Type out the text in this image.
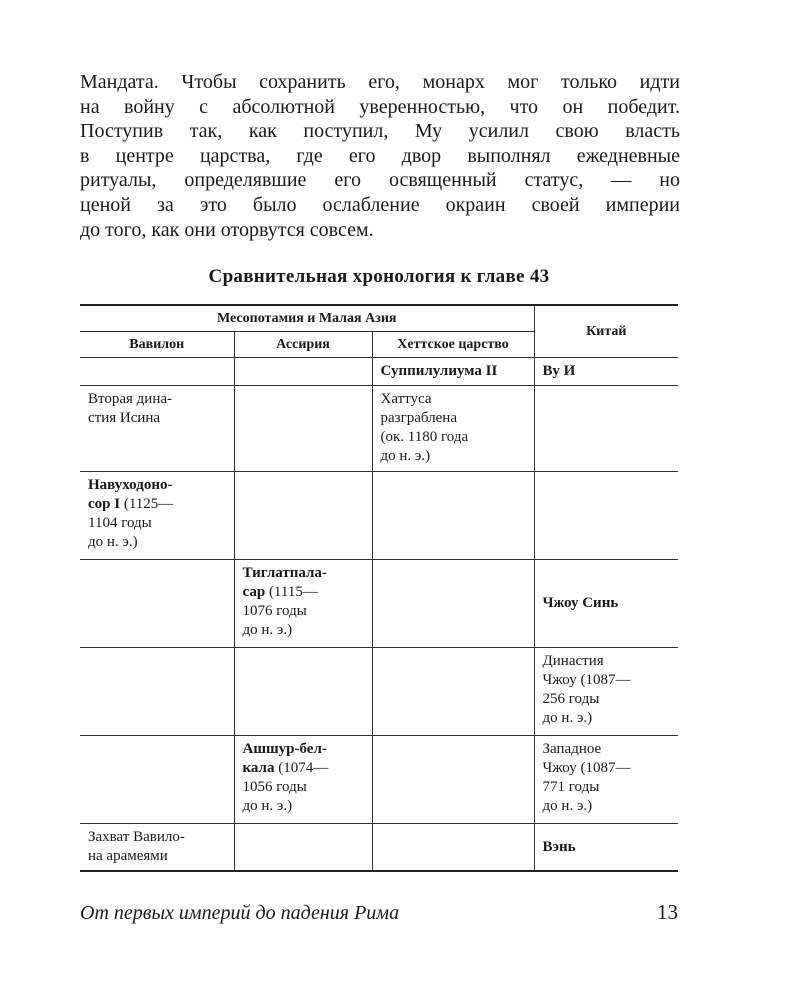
Мандата. Чтобы сохранить его, монарх мог только идти
на войну с абсолютной уверенностью, что он победит.
Поступив так, как поступил, Му усилил свою власть
в центре царства, где его двор выполнял ежедневные
ритуалы, определявшие его освященный статус, — но
ценой за это было ослабление окраин своей империи
до того, как они оторвутся совсем.
Сравнительная хронология к главе 43
Месопотамия и Малая Азия			Китай
Вавилон	Ассирия	Хеттское царство	

		Суппилулиума II	Ву И

Вторая дина-
стия Исина		Хаттуса
разграблена
(ок. 1180 года
до н. э.)	

Навуходоно-
сор I (1125—
1104 годы
до н. э.)			

	Тиглатпала-
сар (1115—
1076 годы
до н. э.)		Чжоу Синь

			Династия
Чжоу (1087—
256 годы
до н. э.)

	Ашшур-бел-
кала (1074—
1056 годы
до н. э.)		Западное
Чжоу (1087—
771 годы
до н. э.)

Захват Вавило-
на арамеями			Вэнь
От первых империй до падения Рима	13
